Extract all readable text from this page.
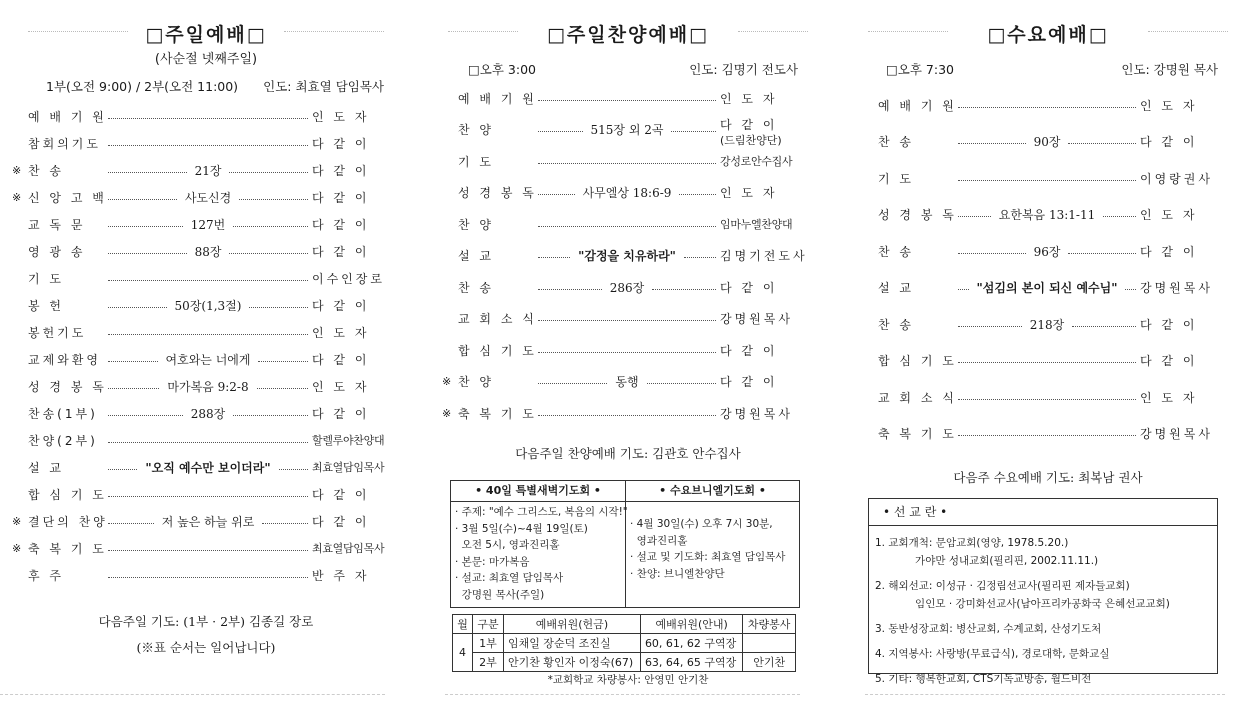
□주일예배□
(사순절 넷째주일)
1부(오전 9:00) / 2부(오전 11:00) 인도: 최효열 담임목사
예 배 기 원	인 도 자
참회의기도	다 같 이
※ 찬 송	21장	다 같 이
※ 신 앙 고 백	사도신경	다 같 이
교 독 문	127번	다 같 이
영 광 송	88장	다 같 이
기 도	이수인장로
봉 헌	50장(1,3절)	다 같 이
봉헌기도	인 도 자
교제와환영	여호와는 너에게	다 같 이
성 경 봉 독	마가복음 9:2-8	인 도 자
찬송(1부)	288장	다 같 이
찬양(2부)	할렐루야찬양대
설 교	"오직 예수만 보이더라"	최효열담임목사
합 심 기 도	다 같 이
※ 결단의 찬양	저 높은 하늘 위로	다 같 이
※ 축 복 기 도	최효열담임목사
후 주	반 주 자
다음주일 기도: (1부 · 2부) 김종길 장로
(※표 순서는 일어납니다)
□주일찬양예배□
□오후 3:00	인도: 김명기 전도사
예 배 기 원	인 도 자
찬 양	515장 외 2곡	다 같 이
(드림찬양단)
기 도	강성로안수집사
성 경 봉 독	사무엘상 18:6-9	인 도 자
찬 양	임마누엘찬양대
설 교	"감정을 치유하라"	김명기전도사
찬 송	286장	다 같 이
교 회 소 식	강명원목사
합 심 기 도	다 같 이
※ 찬 양	동행	다 같 이
※ 축 복 기 도	강명원목사
다음주일 찬양예배 기도: 김관호 안수집사
• 40일 특별새벽기도회 •
· 주제: "예수 그리스도, 복음의 시작!"
· 3월 5일(수)~4월 19일(토)
오전 5시, 영과진리홀
· 본문: 마가복음
· 설교: 최효열 담임목사
강명원 목사(주일)
• 수요브니엘기도회 •
· 4월 30일(수) 오후 7시 30분,
영과진리홀
· 설교 및 기도화: 최효열 담임목사
· 찬양: 브니엘찬양단
월	구분	예배위원(헌금)	예배위원(안내)	차량봉사
4	1부	임채일 장순덕 조진실	60, 61, 62 구역장	
	2부	안기찬 황인자 이정숙(67)	63, 64, 65 구역장	안기찬
*교회학교 차량봉사: 안영민 안기찬
□수요예배□
□오후 7:30	인도: 강명원 목사
예 배 기 원	인 도 자
찬 송	90장	다 같 이
기 도	이영랑권사
성 경 봉 독	요한복음 13:1-11	인 도 자
찬 송	96장	다 같 이
설 교	"섬김의 본이 되신 예수님"	강명원목사
찬 송	218장	다 같 이
합 심 기 도	다 같 이
교 회 소 식	인 도 자
축 복 기 도	강명원목사
다음주 수요예배 기도: 최복남 권사
• 선 교 란 •
1. 교회개척: 문암교회(영양, 1978.5.20.)
가야만 성내교회(필리핀, 2002.11.11.)
2. 해외선교: 이성규 · 김정림선교사(필리핀 제자들교회)
임인모 · 강미화선교사(남아프리카공화국 은혜선교교회)
3. 동반성장교회: 병산교회, 수계교회, 산성기도처
4. 지역봉사: 사랑방(무료급식), 경로대학, 문화교실
5. 기타: 행복한교회, CTS기독교방송, 월드비전
